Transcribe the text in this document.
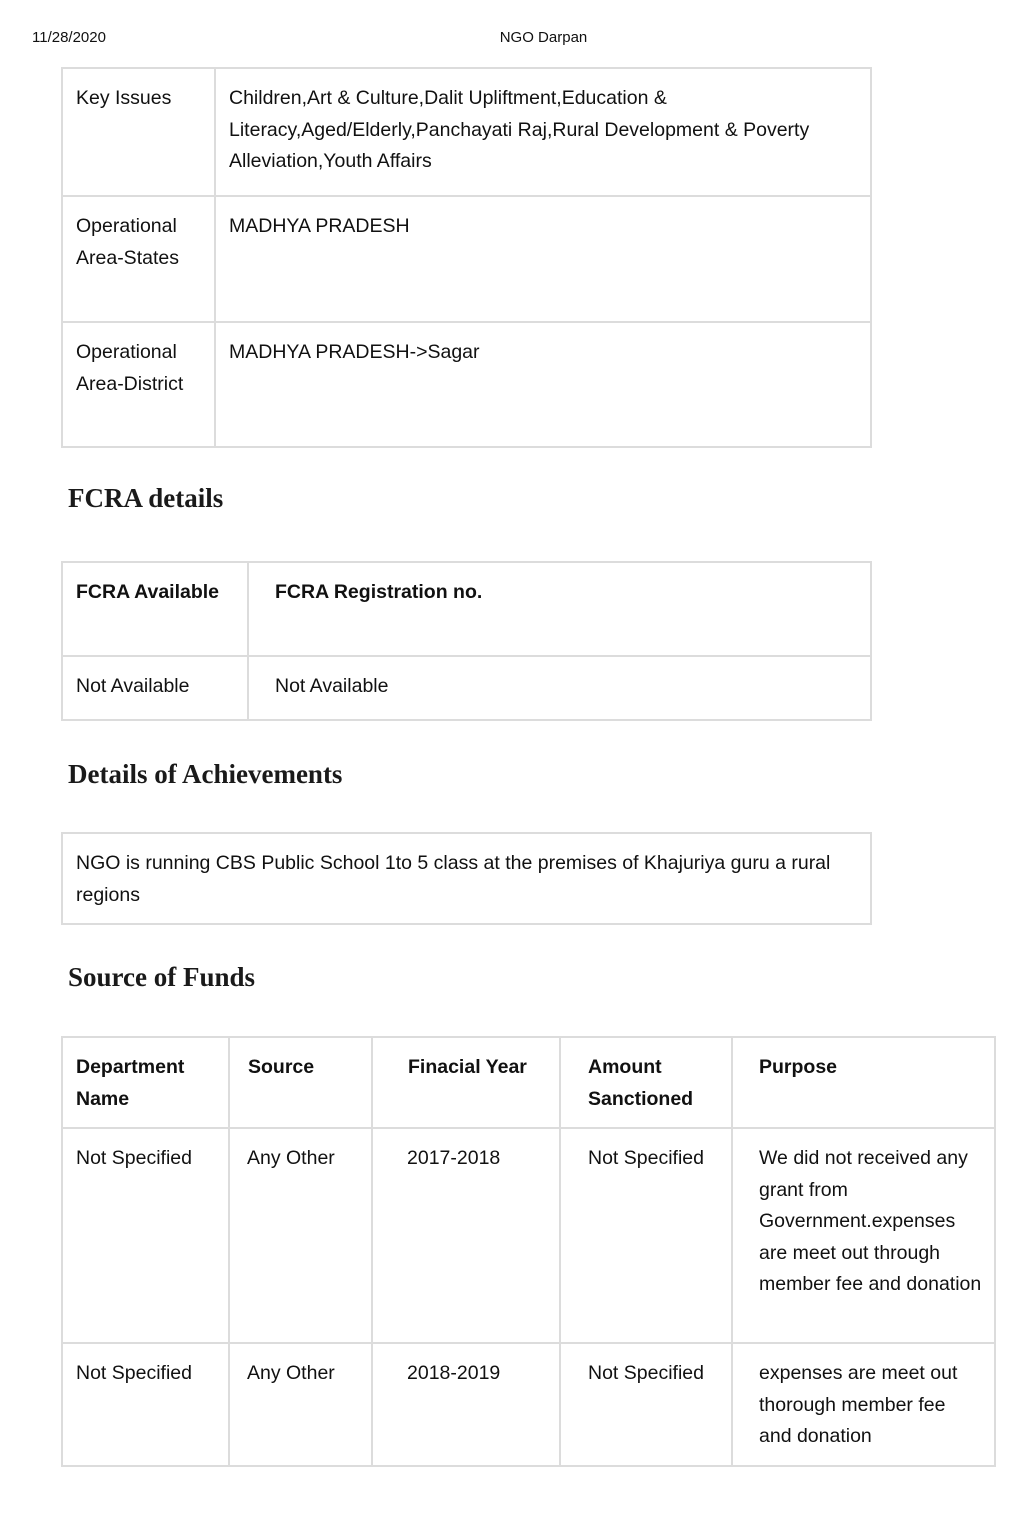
11/28/2020	NGO Darpan
Key Issues	Children,Art & Culture,Dalit Upliftment,Education & Literacy,Aged/Elderly,Panchayati Raj,Rural Development & Poverty Alleviation,Youth Affairs

Operational Area-States	MADHYA PRADESH

Operational Area-District	MADHYA PRADESH->Sagar
FCRA details
FCRA Available	FCRA Registration no.

Not Available	Not Available
Details of Achievements
NGO is running CBS Public School 1to 5 class at the premises of Khajuriya guru a rural regions
Source of Funds
Department Name	Source	Finacial Year	Amount Sanctioned	Purpose

Not Specified	Any Other	2017-2018	Not Specified	We did not received any grant from Government.expenses are meet out through member fee and donation

Not Specified	Any Other	2018-2019	Not Specified	expenses are meet out thorough member fee and donation
